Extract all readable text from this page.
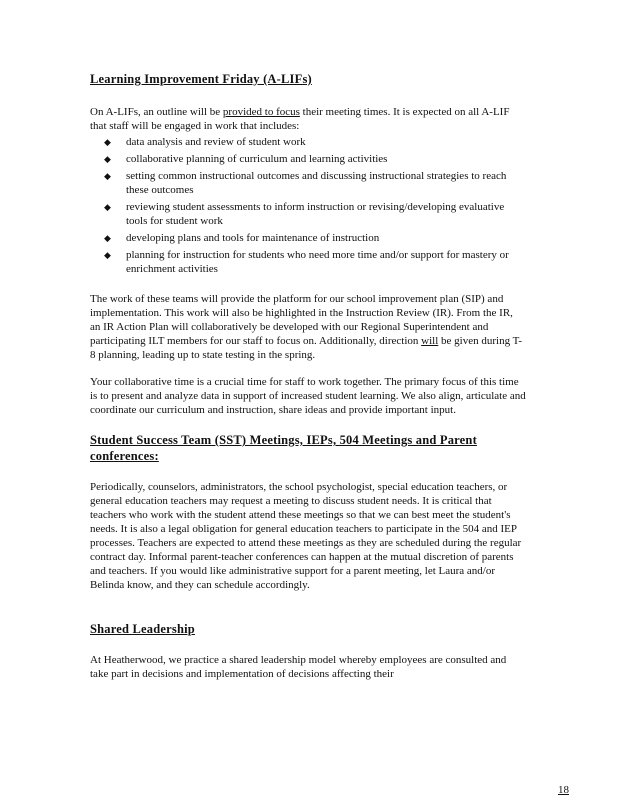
Learning Improvement Friday (A-LIFs)

On A-LIFs, an outline will be provided to focus their meeting times. It is expected on all A-LIF that staff will be engaged in work that includes:

◆ data analysis and review of student work
◆ collaborative planning of curriculum and learning activities
◆ setting common instructional outcomes and discussing instructional strategies to reach these outcomes
◆ reviewing student assessments to inform instruction or revising/developing evaluative tools for student work
◆ developing plans and tools for maintenance of instruction
◆ planning for instruction for students who need more time and/or support for mastery or enrichment activities

The work of these teams will provide the platform for our school improvement plan (SIP) and implementation. This work will also be highlighted in the Instruction Review (IR). From the IR, an IR Action Plan will collaboratively be developed with our Regional Superintendent and participating ILT members for our staff to focus on. Additionally, direction will be given during T-8 planning, leading up to state testing in the spring.

Your collaborative time is a crucial time for staff to work together. The primary focus of this time is to present and analyze data in support of increased student learning. We also align, articulate and coordinate our curriculum and instruction, share ideas and provide important input.

Student Success Team (SST) Meetings, IEPs, 504 Meetings and Parent conferences:

Periodically, counselors, administrators, the school psychologist, special education teachers, or general education teachers may request a meeting to discuss student needs. It is critical that teachers who work with the student attend these meetings so that we can best meet the student's needs. It is also a legal obligation for general education teachers to participate in the 504 and IEP processes. Teachers are expected to attend these meetings as they are scheduled during the regular contract day. Informal parent-teacher conferences can happen at the mutual discretion of parents and teachers. If you would like administrative support for a parent meeting, let Laura and/or Belinda know, and they can schedule accordingly.

Shared Leadership

At Heatherwood, we practice a shared leadership model whereby employees are consulted and take part in decisions and implementation of decisions affecting their

18
